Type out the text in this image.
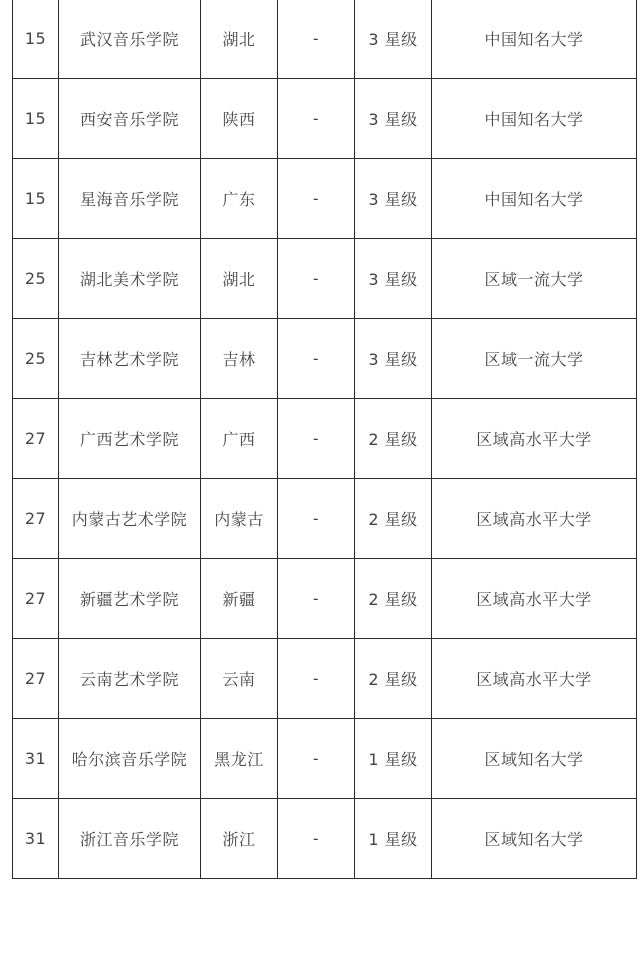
15	武汉音乐学院	湖北	-	3 星级	中国知名大学
15	西安音乐学院	陕西	-	3 星级	中国知名大学
15	星海音乐学院	广东	-	3 星级	中国知名大学
25	湖北美术学院	湖北	-	3 星级	区域一流大学
25	吉林艺术学院	吉林	-	3 星级	区域一流大学
27	广西艺术学院	广西	-	2 星级	区域高水平大学
27	内蒙古艺术学院	内蒙古	-	2 星级	区域高水平大学
27	新疆艺术学院	新疆	-	2 星级	区域高水平大学
27	云南艺术学院	云南	-	2 星级	区域高水平大学
31	哈尔滨音乐学院	黑龙江	-	1 星级	区域知名大学
31	浙江音乐学院	浙江	-	1 星级	区域知名大学
